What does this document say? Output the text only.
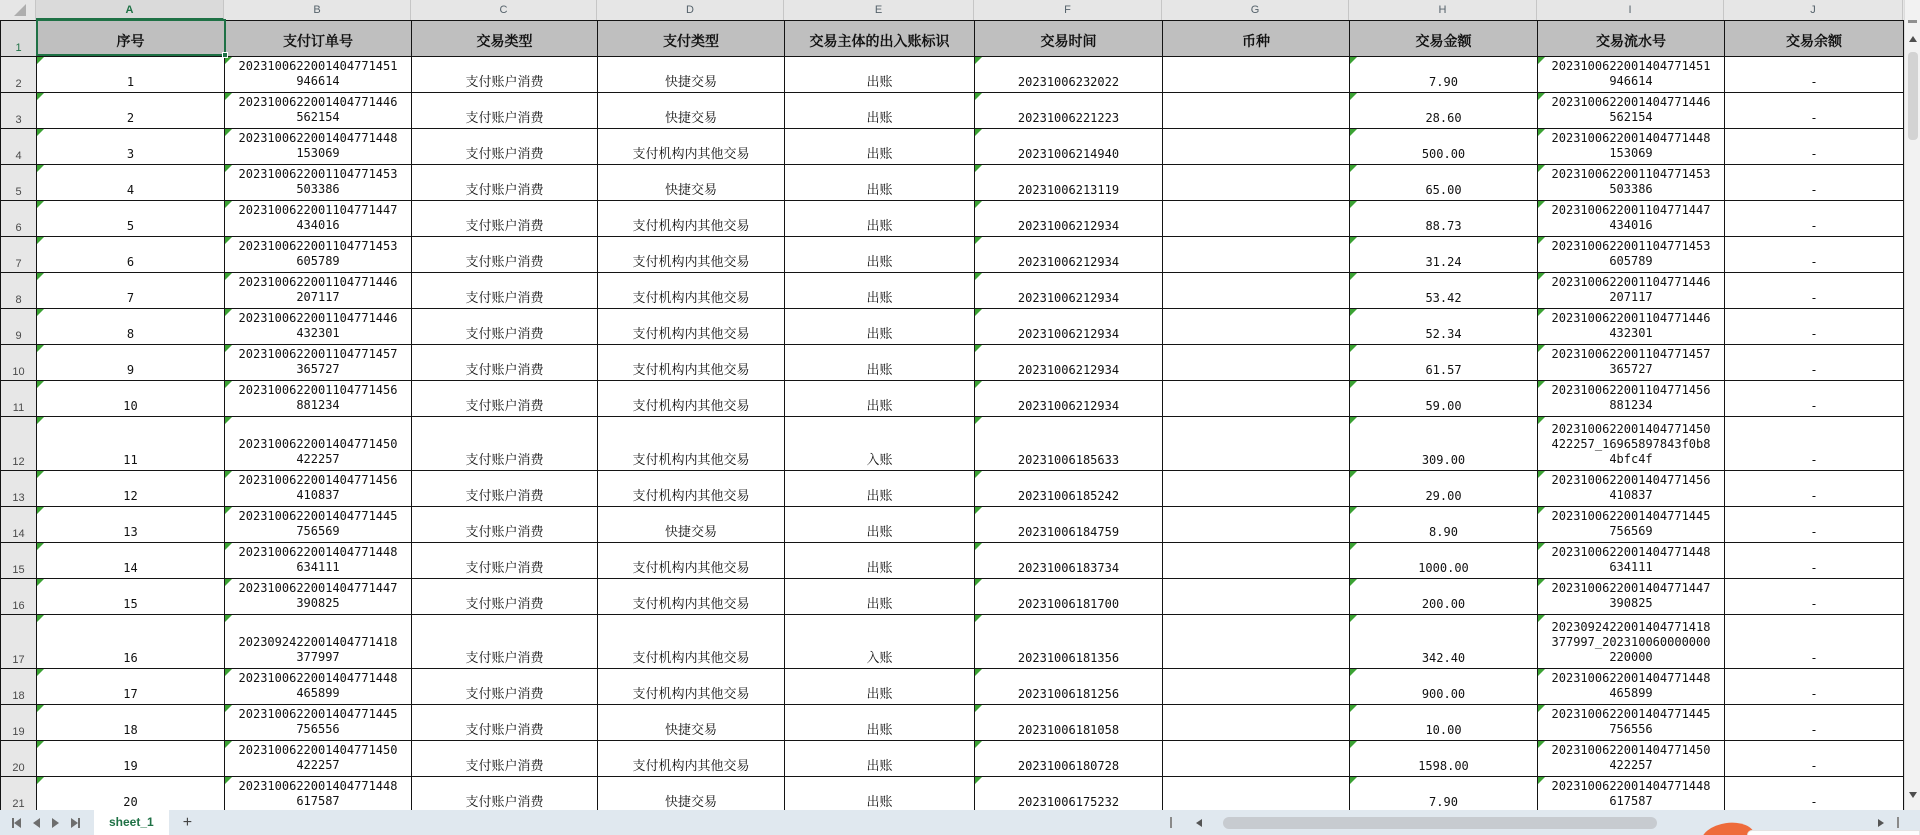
A	B	C	D	E	F	G	H	I	J
1	序号	支付订单号	交易类型	支付类型	交易主体的出入账标识	交易时间	币种	交易金额	交易流水号	交易余额
2	1	2023100622001404771451946614	支付账户消费	快捷交易	出账	20231006232022		7.90	2023100622001404771451946614	-
3	2	2023100622001404771446562154	支付账户消费	快捷交易	出账	20231006221223		28.60	2023100622001404771446562154	-
4	3	2023100622001404771448153069	支付账户消费	支付机构内其他交易	出账	20231006214940		500.00	2023100622001404771448153069	-
5	4	2023100622001104771453503386	支付账户消费	快捷交易	出账	20231006213119		65.00	2023100622001104771453503386	-
6	5	2023100622001104771447434016	支付账户消费	支付机构内其他交易	出账	20231006212934		88.73	2023100622001104771447434016	-
7	6	2023100622001104771453605789	支付账户消费	支付机构内其他交易	出账	20231006212934		31.24	2023100622001104771453605789	-
8	7	2023100622001104771446207117	支付账户消费	支付机构内其他交易	出账	20231006212934		53.42	2023100622001104771446207117	-
9	8	2023100622001104771446432301	支付账户消费	支付机构内其他交易	出账	20231006212934		52.34	2023100622001104771446432301	-
10	9	2023100622001104771457365727	支付账户消费	支付机构内其他交易	出账	20231006212934		61.57	2023100622001104771457365727	-
11	10	2023100622001104771456881234	支付账户消费	支付机构内其他交易	出账	20231006212934		59.00	2023100622001104771456881234	-
12	11	2023100622001404771450422257	支付账户消费	支付机构内其他交易	入账	20231006185633		309.00	2023100622001404771450422257_16965897843f0b84bfc4f	-
13	12	2023100622001404771456410837	支付账户消费	支付机构内其他交易	出账	20231006185242		29.00	2023100622001404771456410837	-
14	13	2023100622001404771445756569	支付账户消费	快捷交易	出账	20231006184759		8.90	2023100622001404771445756569	-
15	14	2023100622001404771448634111	支付账户消费	支付机构内其他交易	出账	20231006183734		1000.00	2023100622001404771448634111	-
16	15	2023100622001404771447390825	支付账户消费	支付机构内其他交易	出账	20231006181700		200.00	2023100622001404771447390825	-
17	16	2023092422001404771418377997	支付账户消费	支付机构内其他交易	入账	20231006181356		342.40	2023092422001404771418377997_202310060000000220000	-
18	17	2023100622001404771448465899	支付账户消费	支付机构内其他交易	出账	20231006181256		900.00	2023100622001404771448465899	-
19	18	2023100622001404771445756556	支付账户消费	快捷交易	出账	20231006181058		10.00	2023100622001404771445756556	-
20	19	2023100622001404771450422257	支付账户消费	支付机构内其他交易	出账	20231006180728		1598.00	2023100622001404771450422257	-
21	20	2023100622001404771448617587	支付账户消费	快捷交易	出账	20231006175232		7.90	2023100622001404771448617587	-
sheet_1	+
